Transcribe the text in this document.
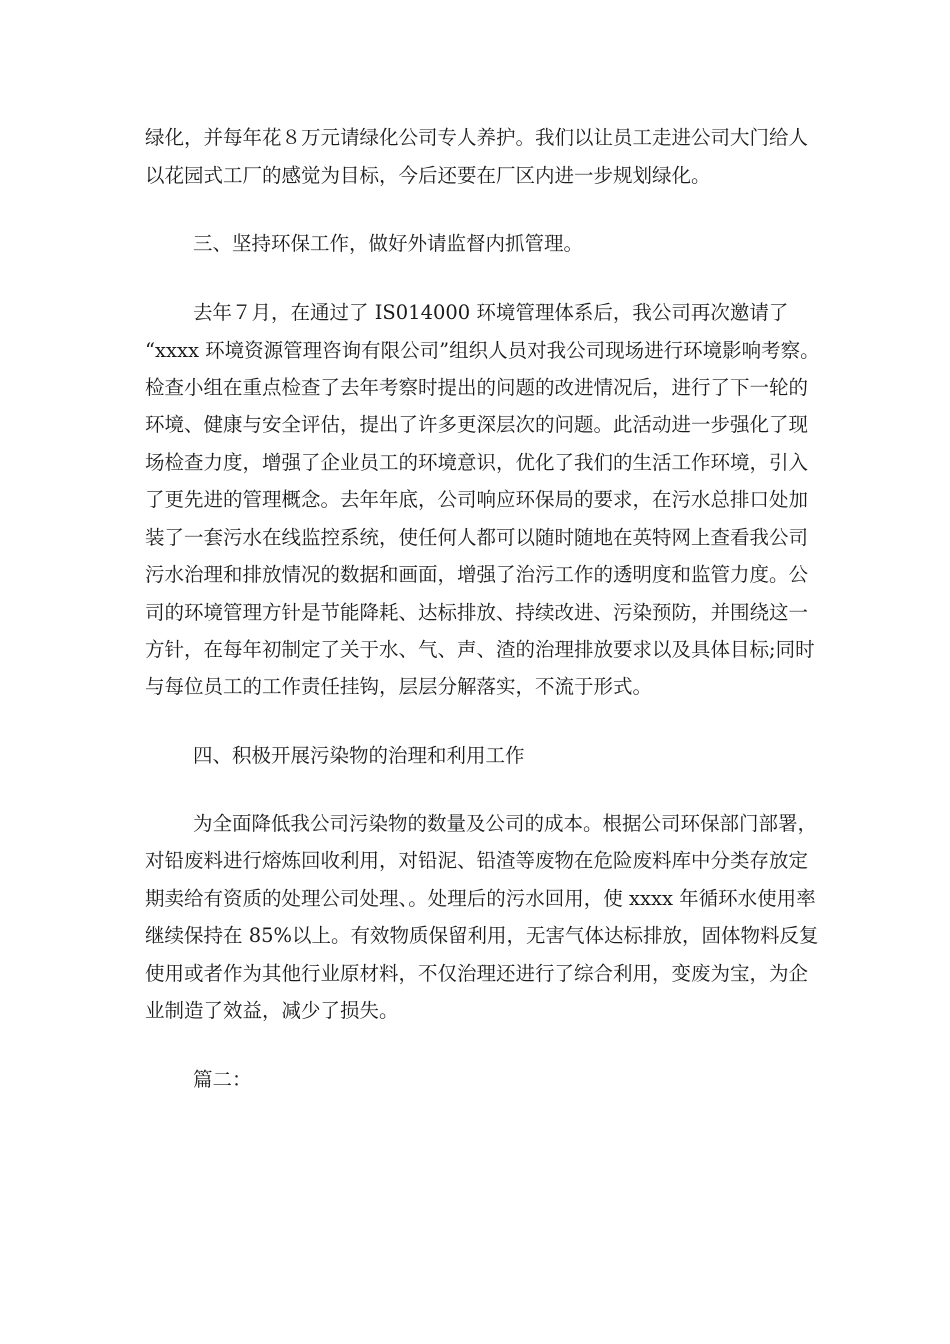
绿化，并每年花８万元请绿化公司专人养护。我们以让员工走进公司大门给人

以花园式工厂的感觉为目标，今后还要在厂区内进一步规划绿化。

三、坚持环保工作，做好外请监督内抓管理。

去年７月，在通过了 IS014000 环境管理体系后，我公司再次邀请了

“xxxx 环境资源管理咨询有限公司”组织人员对我公司现场进行环境影响考察。

检查小组在重点检查了去年考察时提出的问题的改进情况后，进行了下一轮的

环境、健康与安全评估，提出了许多更深层次的问题。此活动进一步强化了现

场检查力度，增强了企业员工的环境意识，优化了我们的生活工作环境，引入

了更先进的管理概念。去年年底，公司响应环保局的要求，在污水总排口处加

装了一套污水在线监控系统，使任何人都可以随时随地在英特网上查看我公司

污水治理和排放情况的数据和画面，增强了治污工作的透明度和监管力度。公

司的环境管理方针是节能降耗、达标排放、持续改进、污染预防，并围绕这一

方针，在每年初制定了关于水、气、声、渣的治理排放要求以及具体目标;同时

与每位员工的工作责任挂钩，层层分解落实，不流于形式。

四、积极开展污染物的治理和利用工作

为全面降低我公司污染物的数量及公司的成本。根据公司环保部门部署，

对铅废料进行熔炼回收利用，对铅泥、铅渣等废物在危险废料库中分类存放定

期卖给有资质的处理公司处理、。处理后的污水回用，使 xxxx 年循环水使用率

继续保持在 85%以上。有效物质保留利用，无害气体达标排放，固体物料反复

使用或者作为其他行业原材料，不仅治理还进行了综合利用，变废为宝，为企

业制造了效益，减少了损失。

篇二：
